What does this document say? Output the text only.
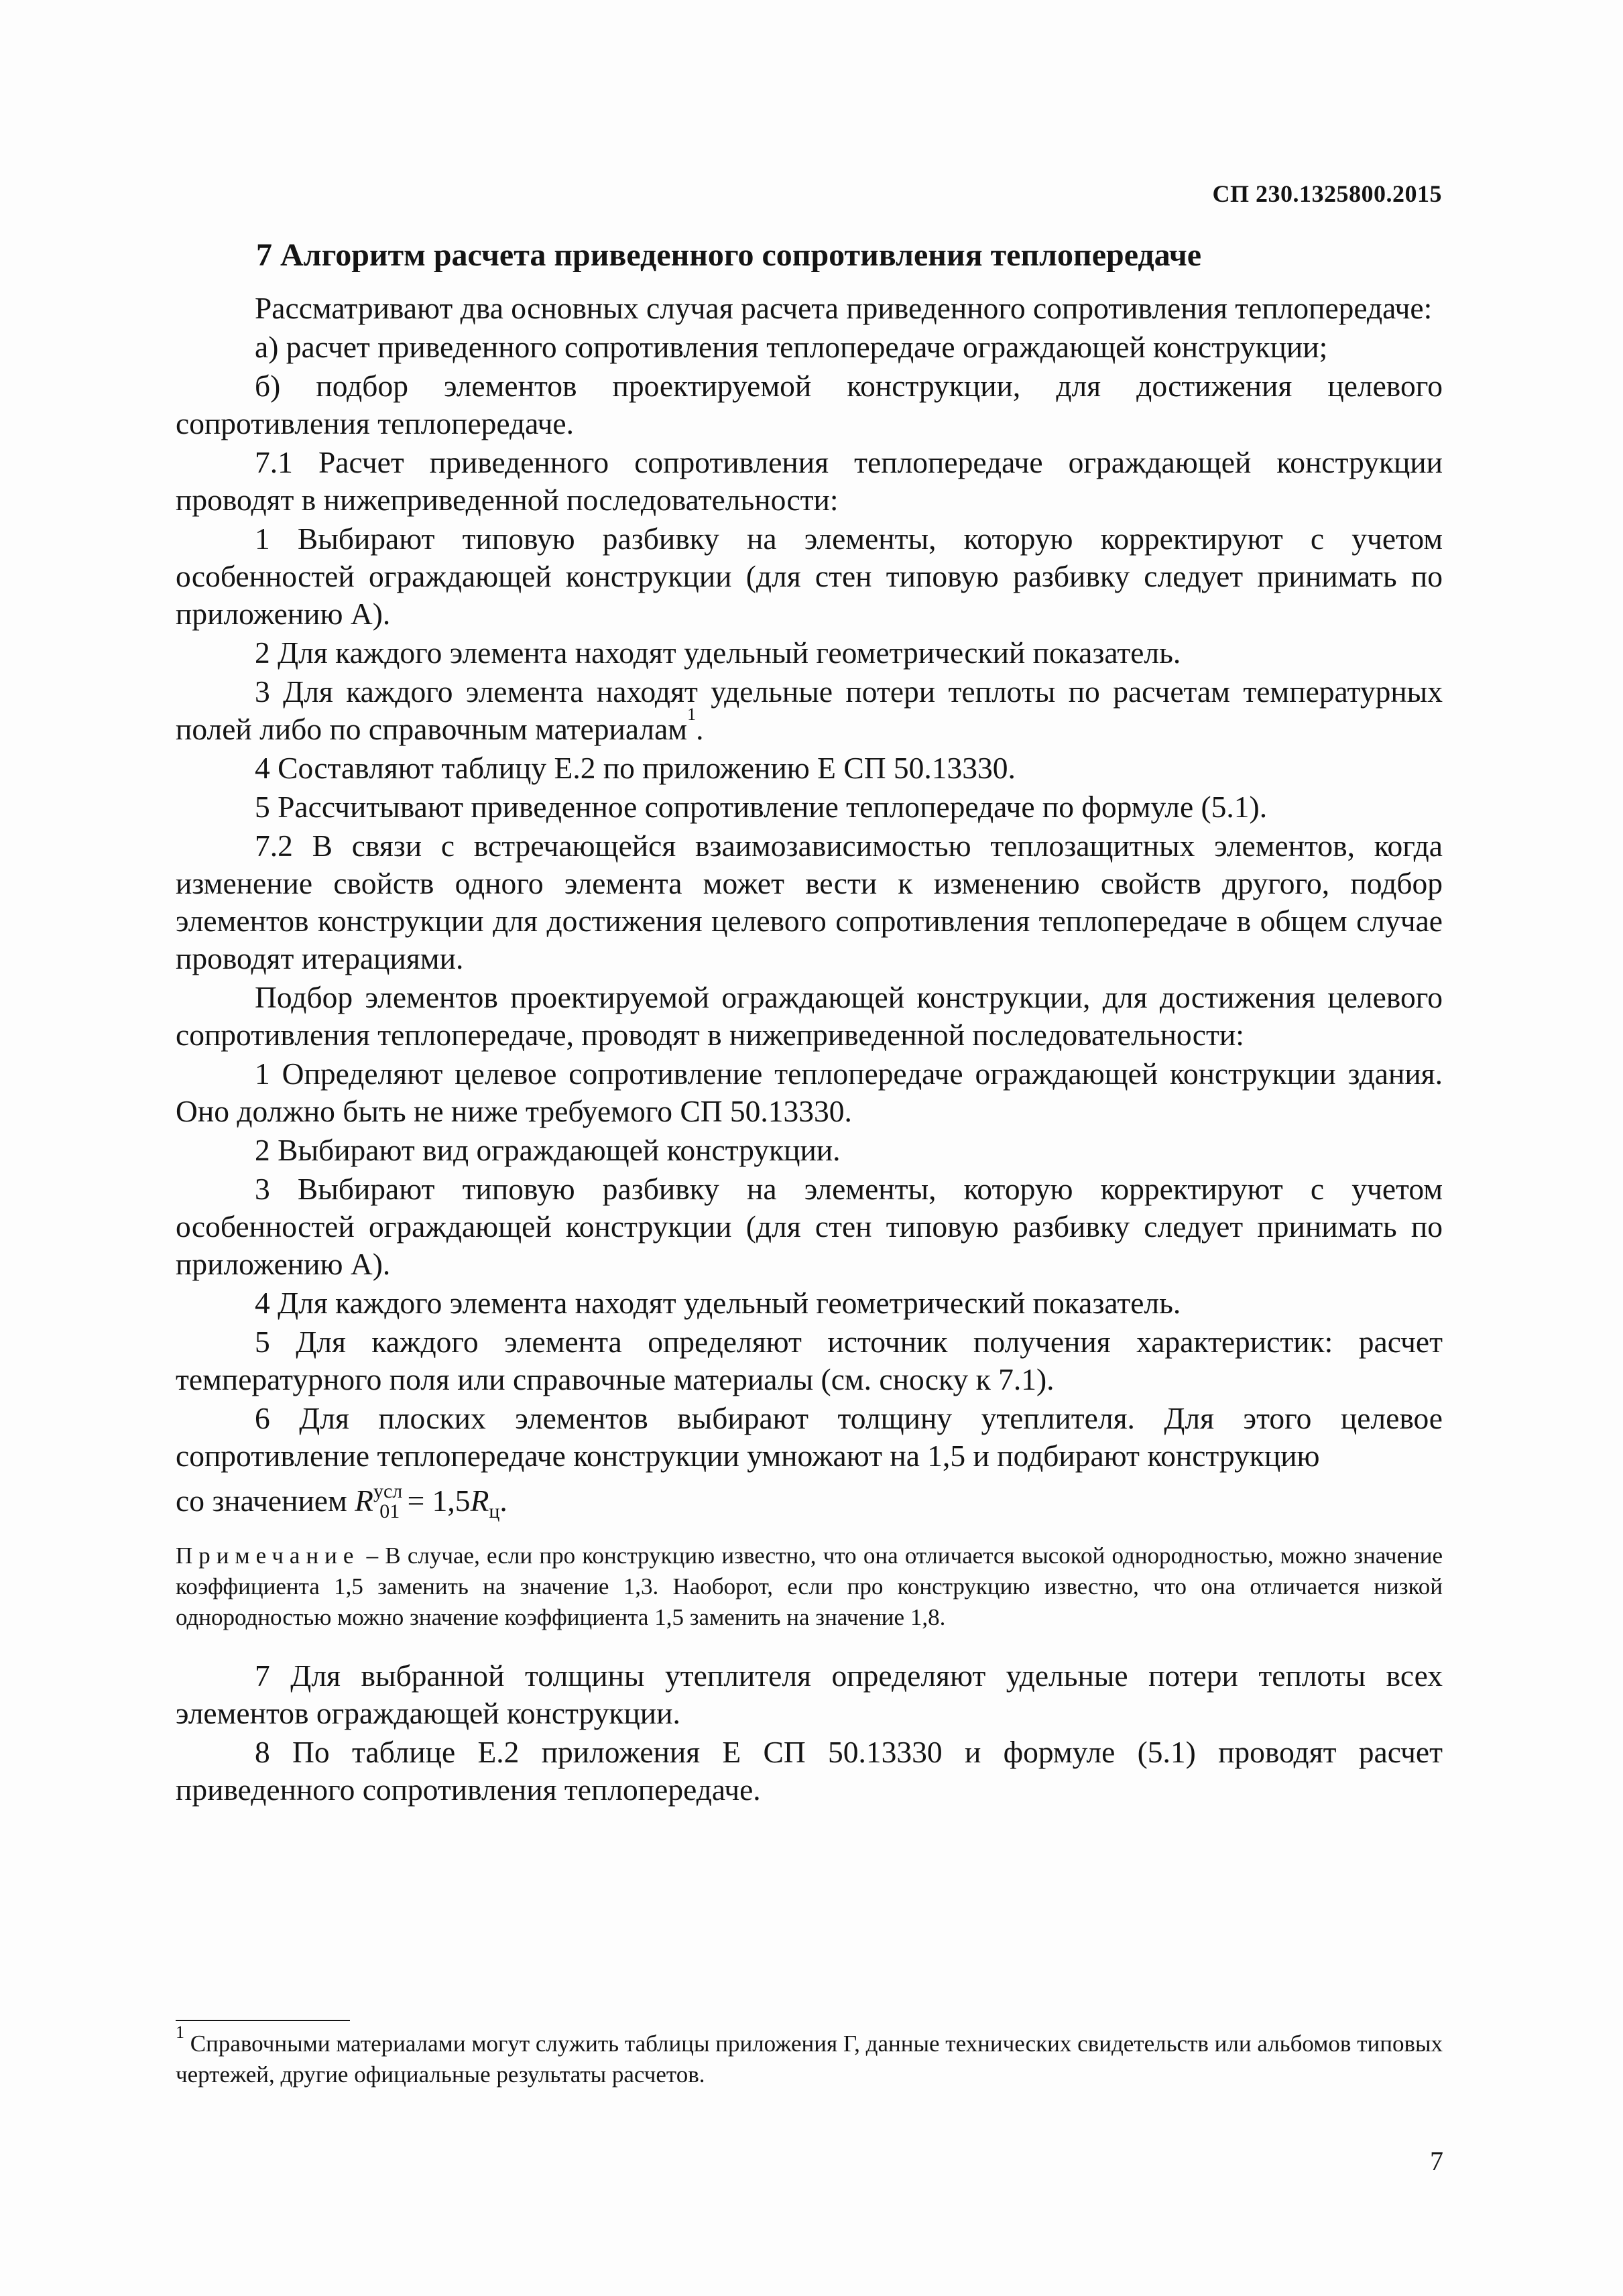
СП 230.1325800.2015
7 Алгоритм расчета приведенного сопротивления теплопередаче
Рассматривают два основных случая расчета приведенного сопротивления теплопередаче:
а) расчет приведенного сопротивления теплопередаче ограждающей конструкции;
б) подбор элементов проектируемой конструкции, для достижения целевого сопротивления теплопередаче.
7.1 Расчет приведенного сопротивления теплопередаче ограждающей конструкции проводят в нижеприведенной последовательности:
1 Выбирают типовую разбивку на элементы, которую корректируют с учетом особенностей ограждающей конструкции (для стен типовую разбивку следует принимать по приложению А).
2 Для каждого элемента находят удельный геометрический показатель.
3 Для каждого элемента находят удельные потери теплоты по расчетам температурных полей либо по справочным материалам$^1$.
4 Составляют таблицу Е.2 по приложению Е СП 50.13330.
5 Рассчитывают приведенное сопротивление теплопередаче по формуле (5.1).
7.2 В связи с встречающейся взаимозависимостью теплозащитных элементов, когда изменение свойств одного элемента может вести к изменению свойств другого, подбор элементов конструкции для достижения целевого сопротивления теплопередаче в общем случае проводят итерациями.
Подбор элементов проектируемой ограждающей конструкции, для достижения целевого сопротивления теплопередаче, проводят в нижеприведенной последовательности:
1 Определяют целевое сопротивление теплопередаче ограждающей конструкции здания. Оно должно быть не ниже требуемого СП 50.13330.
2 Выбирают вид ограждающей конструкции.
3 Выбирают типовую разбивку на элементы, которую корректируют с учетом особенностей ограждающей конструкции (для стен типовую разбивку следует принимать по приложению А).
4 Для каждого элемента находят удельный геометрический показатель.
5 Для каждого элемента определяют источник получения характеристик: расчет температурного поля или справочные материалы (см. сноску к 7.1).
6 Для плоских элементов выбирают толщину утеплителя. Для этого целевое сопротивление теплопередаче конструкции умножают на 1,5 и подбирают конструкцию
со значением $R^{усл}_{01} = 1,5R_ц$.
Примечание – В случае, если про конструкцию известно, что она отличается высокой однородностью, можно значение коэффициента 1,5 заменить на значение 1,3. Наоборот, если про конструкцию известно, что она отличается низкой однородностью можно значение коэффициента 1,5 заменить на значение 1,8.
7 Для выбранной толщины утеплителя определяют удельные потери теплоты всех элементов ограждающей конструкции.
8 По таблице Е.2 приложения Е СП 50.13330 и формуле (5.1) проводят расчет приведенного сопротивления теплопередаче.
$^1$ Справочными материалами могут служить таблицы приложения Г, данные технических свидетельств или альбомов типовых чертежей, другие официальные результаты расчетов.
7
